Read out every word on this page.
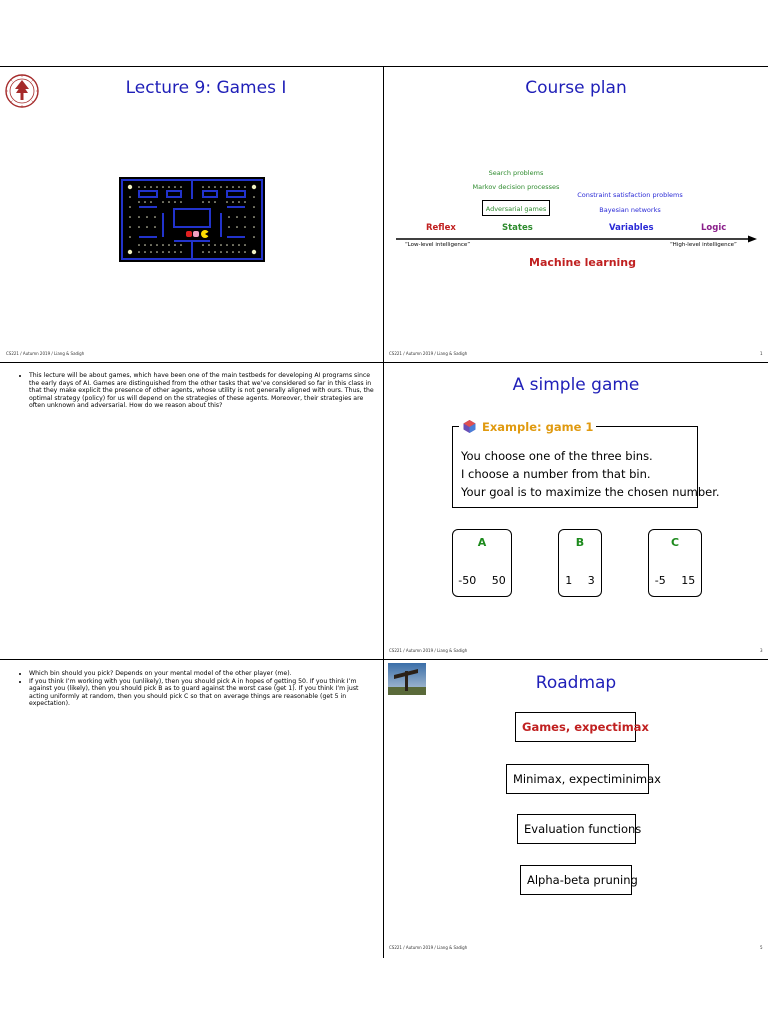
Lecture 9: Games I
CS221 / Autumn 2019 / Liang & Sadigh
Course plan
Search problems
Markov decision processes
Adversarial games
Constraint satisfaction problems
Bayesian networks
Reflex	States	Variables	Logic
“Low-level intelligence”	“High-level intelligence”
Machine learning
CS221 / Autumn 2019 / Liang & Sadigh	1
• This lecture will be about games, which have been one of the main testbeds for developing AI programs since the early days of AI. Games are distinguished from the other tasks that we’ve considered so far in this class in that they make explicit the presence of other agents, whose utility is not generally aligned with ours. Thus, the optimal strategy (policy) for us will depend on the strategies of these agents. Moreover, their strategies are often unknown and adversarial. How do we reason about this?
A simple game
Example: game 1
You choose one of the three bins.
I choose a number from that bin.
Your goal is to maximize the chosen number.
A
-50 50
B
1 3
C
-5 15
CS221 / Autumn 2019 / Liang & Sadigh	3
• Which bin should you pick? Depends on your mental model of the other player (me).
• If you think I’m working with you (unlikely), then you should pick A in hopes of getting 50. If you think I’m against you (likely), then you should pick B as to guard against the worst case (get 1). If you think I’m just acting uniformly at random, then you should pick C so that on average things are reasonable (get 5 in expectation).
Roadmap
Games, expectimax
Minimax, expectiminimax
Evaluation functions
Alpha-beta pruning
CS221 / Autumn 2019 / Liang & Sadigh	5
